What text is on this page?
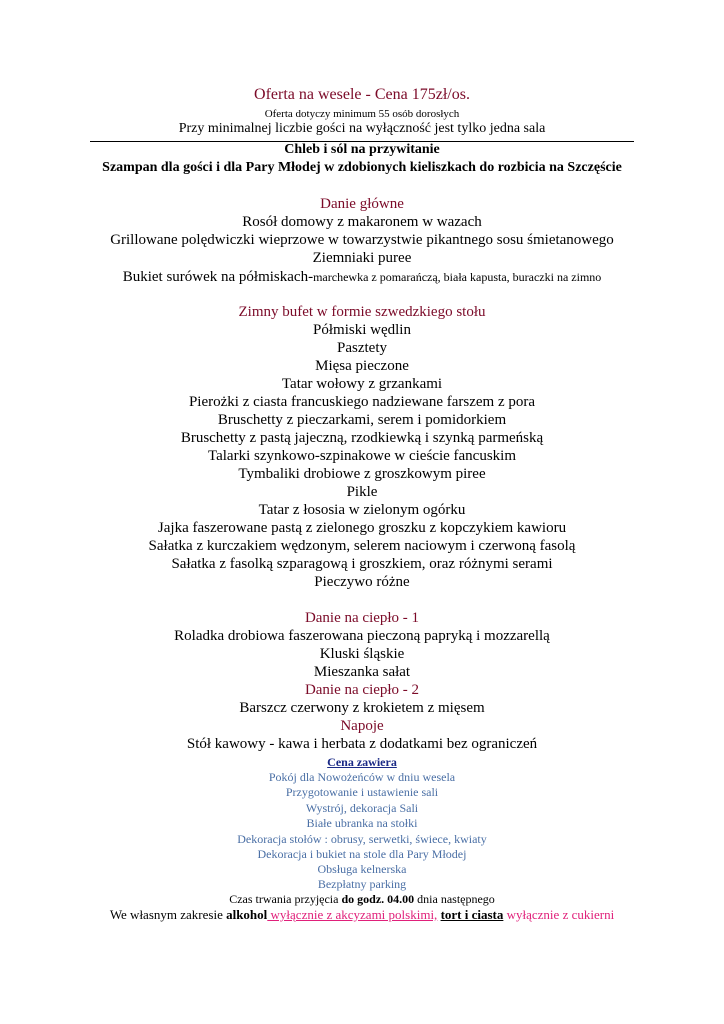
Oferta na wesele - Cena 175zł/os.
Oferta dotyczy minimum 55 osób dorosłych
Przy minimalnej liczbie gości na wyłączność jest tylko jedna sala
Chleb i sól na przywitanie
Szampan dla gości i dla Pary Młodej w zdobionych kieliszkach do rozbicia na Szczęście
Danie główne
Rosół domowy z makaronem w wazach
Grillowane polędwiczki wieprzowe w towarzystwie pikantnego sosu śmietanowego
Ziemniaki puree
Bukiet surówek na półmiskach-marchewka z pomarańczą, biała kapusta, buraczki na zimno
Zimny bufet w formie szwedzkiego stołu
Półmiski wędlin
Pasztety
Mięsa pieczone
Tatar wołowy z grzankami
Pierożki z ciasta francuskiego nadziewane farszem z pora
Bruschetty z pieczarkami, serem i pomidorkiem
Bruschetty z pastą jajeczną, rzodkiewką i szynką parmeńską
Talarki szynkowo-szpinakowe w cieście fancuskim
Tymbaliki drobiowe z groszkowym piree
Pikle
Tatar z łososia w zielonym ogórku
Jajka faszerowane pastą z zielonego groszku z kopczykiem kawioru
Sałatka z kurczakiem wędzonym, selerem naciowym i czerwoną fasolą
Sałatka z fasolką szparagową i groszkiem, oraz różnymi serami
Pieczywo różne
Danie na ciepło - 1
Roladka drobiowa faszerowana pieczoną papryką i mozzarellą
Kluski śląskie
Mieszanka sałat
Danie na ciepło - 2
Barszcz czerwony z krokietem z mięsem
Napoje
Stół kawowy - kawa i herbata z dodatkami bez ograniczeń
Cena zawiera
Pokój dla Nowożeńców w dniu wesela
Przygotowanie i ustawienie sali
Wystrój, dekoracja Sali
Białe ubranka na stołki
Dekoracja stołów : obrusy, serwetki, świece, kwiaty
Dekoracja i bukiet na stole dla Pary Młodej
Obsługa kelnerska
Bezpłatny parking
Czas trwania przyjęcia do godz. 04.00 dnia następnego
We własnym zakresie alkohol wyłącznie z akcyzami polskimi, tort i ciasta wyłącznie z cukierni
